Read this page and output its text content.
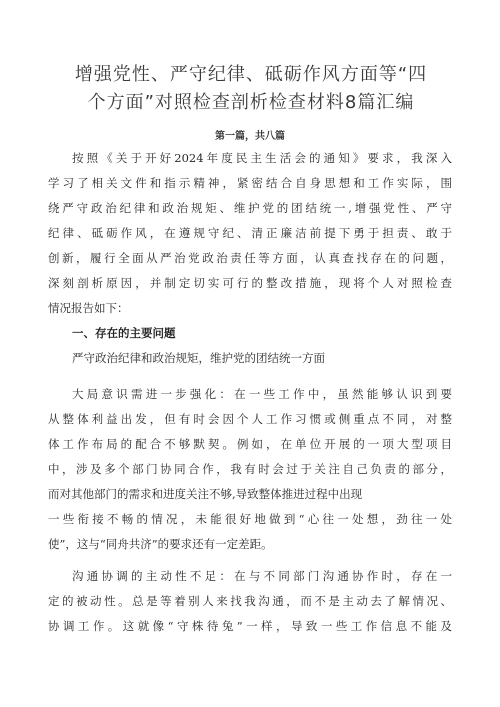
增强党性、严守纪律、砥砺作风方面等“四
个方面”对照检查剖析检查材料8篇汇编
第一篇，共八篇
按照《关于开好2024年度民主生活会的通知》要求，我深入
学习了相关文件和指示精神，紧密结合自身思想和工作实际，围
绕严守政治纪律和政治规矩、维护党的团结统一,增强党性、严守
纪律、砥砺作风，在遵规守纪、清正廉洁前提下勇于担责、敢于
创新，履行全面从严治党政治责任等方面，认真查找存在的问题，
深刻剖析原因，并制定切实可行的整改措施，现将个人对照检查
情况报告如下：
一、存在的主要问题
严守政治纪律和政治规矩，维护党的团结统一方面
大局意识需进一步强化：在一些工作中，虽然能够认识到要
从整体利益出发，但有时会因个人工作习惯或侧重点不同，对整
体工作布局的配合不够默契。例如，在单位开展的一项大型项目
中，涉及多个部门协同合作，我有时会过于关注自己负责的部分，
而对其他部门的需求和进度关注不够,导致整体推进过程中出现
一些衔接不畅的情况，未能很好地做到“心往一处想，劲往一处
使”，这与“同舟共济”的要求还有一定差距。
沟通协调的主动性不足：在与不同部门沟通协作时，存在一
定的被动性。总是等着别人来找我沟通，而不是主动去了解情况、
协调工作。这就像“守株待兔”一样，导致一些工作信息不能及
